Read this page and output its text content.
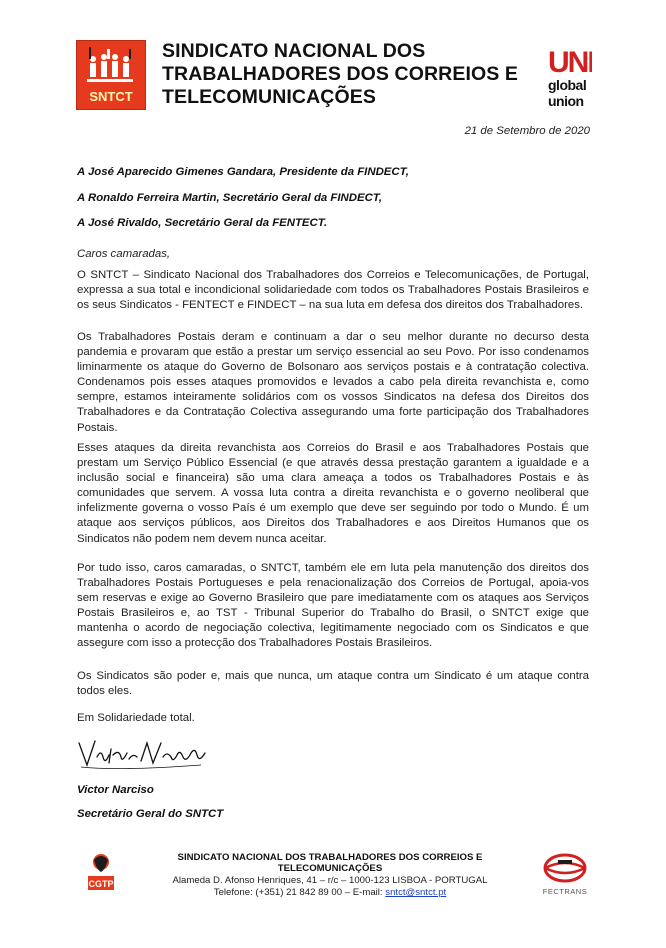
SNTCT
SINDICATO NACIONAL DOS TRABALHADORES DOS CORREIOS E TELECOMUNICAÇÕES
UNI
global
union
21 de Setembro de 2020
A José Aparecido Gimenes Gandara, Presidente da FINDECT,
A Ronaldo Ferreira Martin, Secretário Geral da FINDECT,
A José Rivaldo, Secretário Geral da FENTECT.
Caros camaradas,

O SNTCT – Sindicato Nacional dos Trabalhadores dos Correios e Telecomunicações, de Portugal, expressa a sua total e incondicional solidariedade com todos os Trabalhadores Postais Brasileiros e os seus Sindicatos - FENTECT e FINDECT – na sua luta em defesa dos direitos dos Trabalhadores.

Os Trabalhadores Postais deram e continuam a dar o seu melhor durante no decurso desta pandemia e provaram que estão a prestar um serviço essencial ao seu Povo. Por isso condenamos liminarmente os ataque do Governo de Bolsonaro aos serviços postais e à contratação colectiva. Condenamos pois esses ataques promovidos e levados a cabo pela direita revanchista e, como sempre, estamos inteiramente solidários com os vossos Sindicatos na defesa dos Direitos dos Trabalhadores e da Contratação Colectiva assegurando uma forte participação dos Trabalhadores Postais.

Esses ataques da direita revanchista aos Correios do Brasil e aos Trabalhadores Postais que prestam um Serviço Público Essencial (e que através dessa prestação garantem a igualdade e a inclusão social e financeira) são uma clara ameaça a todos os Trabalhadores Postais e às comunidades que servem. A vossa luta contra a direita revanchista e o governo neoliberal que infelizmente governa o vosso País é um exemplo que deve ser seguindo por todo o Mundo. É um ataque aos serviços públicos, aos Direitos dos Trabalhadores e aos Direitos Humanos que os Sindicatos não podem nem devem nunca aceitar.

Por tudo isso, caros camaradas, o SNTCT, também ele em luta pela manutenção dos direitos dos Trabalhadores Postais Portugueses e pela renacionalização dos Correios de Portugal, apoia-vos sem reservas e exige ao Governo Brasileiro que pare imediatamente com os ataques aos Serviços Postais Brasileiros e, ao TST - Tribunal Superior do Trabalho do Brasil, o SNTCT exige que mantenha o acordo de negociação colectiva, legitimamente negociado com os Sindicatos e que assegure com isso a protecção dos Trabalhadores Postais Brasileiros.

Os Sindicatos são poder e, mais que nunca, um ataque contra um Sindicato é um ataque contra todos eles.

Em Solidariedade total.

Victor Narciso
Secretário Geral do SNTCT
CGTP
SINDICATO NACIONAL DOS TRABALHADORES DOS CORREIOS E TELECOMUNICAÇÕES
Alameda D. Afonso Henriques, 41 – r/c – 1000-123 LISBOA - PORTUGAL
Telefone: (+351) 21 842 89 00 – E-mail: sntct@sntct.pt	FECTRANS
